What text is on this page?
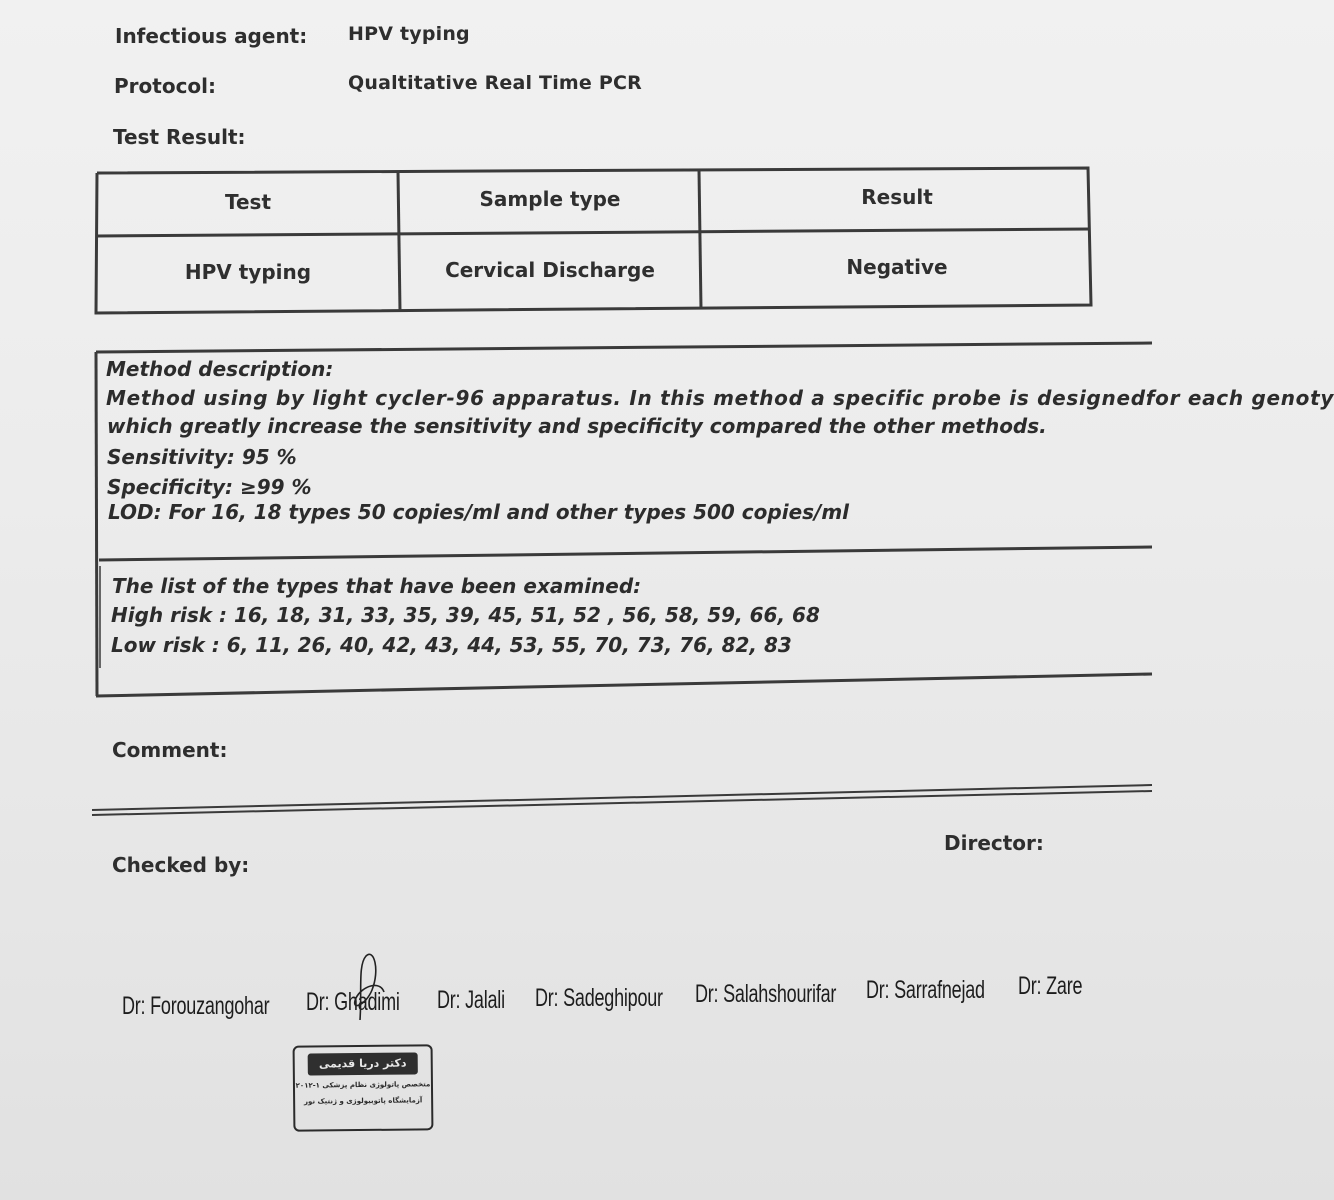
Infectious agent: HPV typing
Protocol:	Qualtitative Real Time PCR
Test Result:
Test	Sample type	Result
HPV typing	Cervical Discharge	Negative
Method description:
Method using by light cycler-96 apparatus. In this method a specific probe is designedfor each genoty
which greatly increase the sensitivity and specificity compared the other methods.
Sensitivity: 95 %
Specificity: ≥99 %
LOD: For 16, 18 types 50 copies/ml and other types 500 copies/ml
The list of the types that have been examined:
High risk : 16, 18, 31, 33, 35, 39, 45, 51, 52 , 56, 58, 59, 66, 68
Low risk : 6, 11, 26, 40, 42, 43, 44, 53, 55, 70, 73, 76, 82, 83
Comment:
Checked by:
Director:
Dr: Forouzangohar Dr: Ghadimi Dr: Jalali Dr: Sadeghipour Dr: Salahshourifar Dr: Sarrafnejad Dr: Zare
دکتر دریا قدیمی
متخصص پاتولوژی نظام پزشکی ۱-۲۰۱۲
آزمایشگاه پاتوبیولوژی و ژنتیک نور
